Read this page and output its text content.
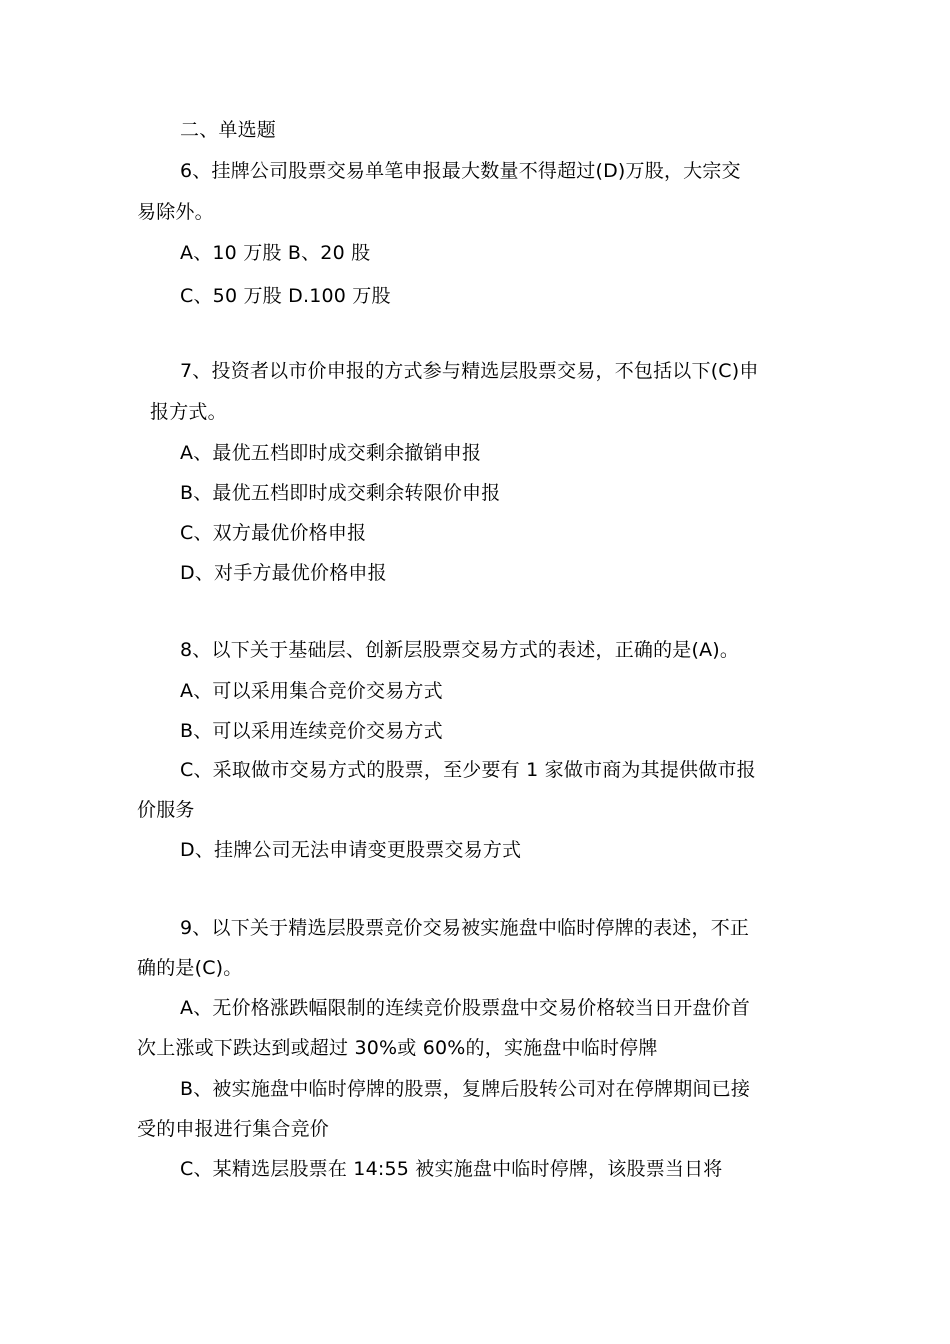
二、单选题
6、挂牌公司股票交易单笔申报最大数量不得超过(D)万股，大宗交
易除外。
A、10 万股 B、20 股
C、50 万股 D.100 万股
7、投资者以市价申报的方式参与精选层股票交易，不包括以下(C)申
报方式。
A、最优五档即时成交剩余撤销申报
B、最优五档即时成交剩余转限价申报
C、双方最优价格申报
D、对手方最优价格申报
8、以下关于基础层、创新层股票交易方式的表述，正确的是(A)。
A、可以采用集合竞价交易方式
B、可以采用连续竞价交易方式
C、采取做市交易方式的股票，至少要有 1 家做市商为其提供做市报
价服务
D、挂牌公司无法申请变更股票交易方式
9、以下关于精选层股票竞价交易被实施盘中临时停牌的表述，不正
确的是(C)。
A、无价格涨跌幅限制的连续竞价股票盘中交易价格较当日开盘价首
次上涨或下跌达到或超过 30%或 60%的，实施盘中临时停牌
B、被实施盘中临时停牌的股票，复牌后股转公司对在停牌期间已接
受的申报进行集合竞价
C、某精选层股票在 14:55 被实施盘中临时停牌，该股票当日将
